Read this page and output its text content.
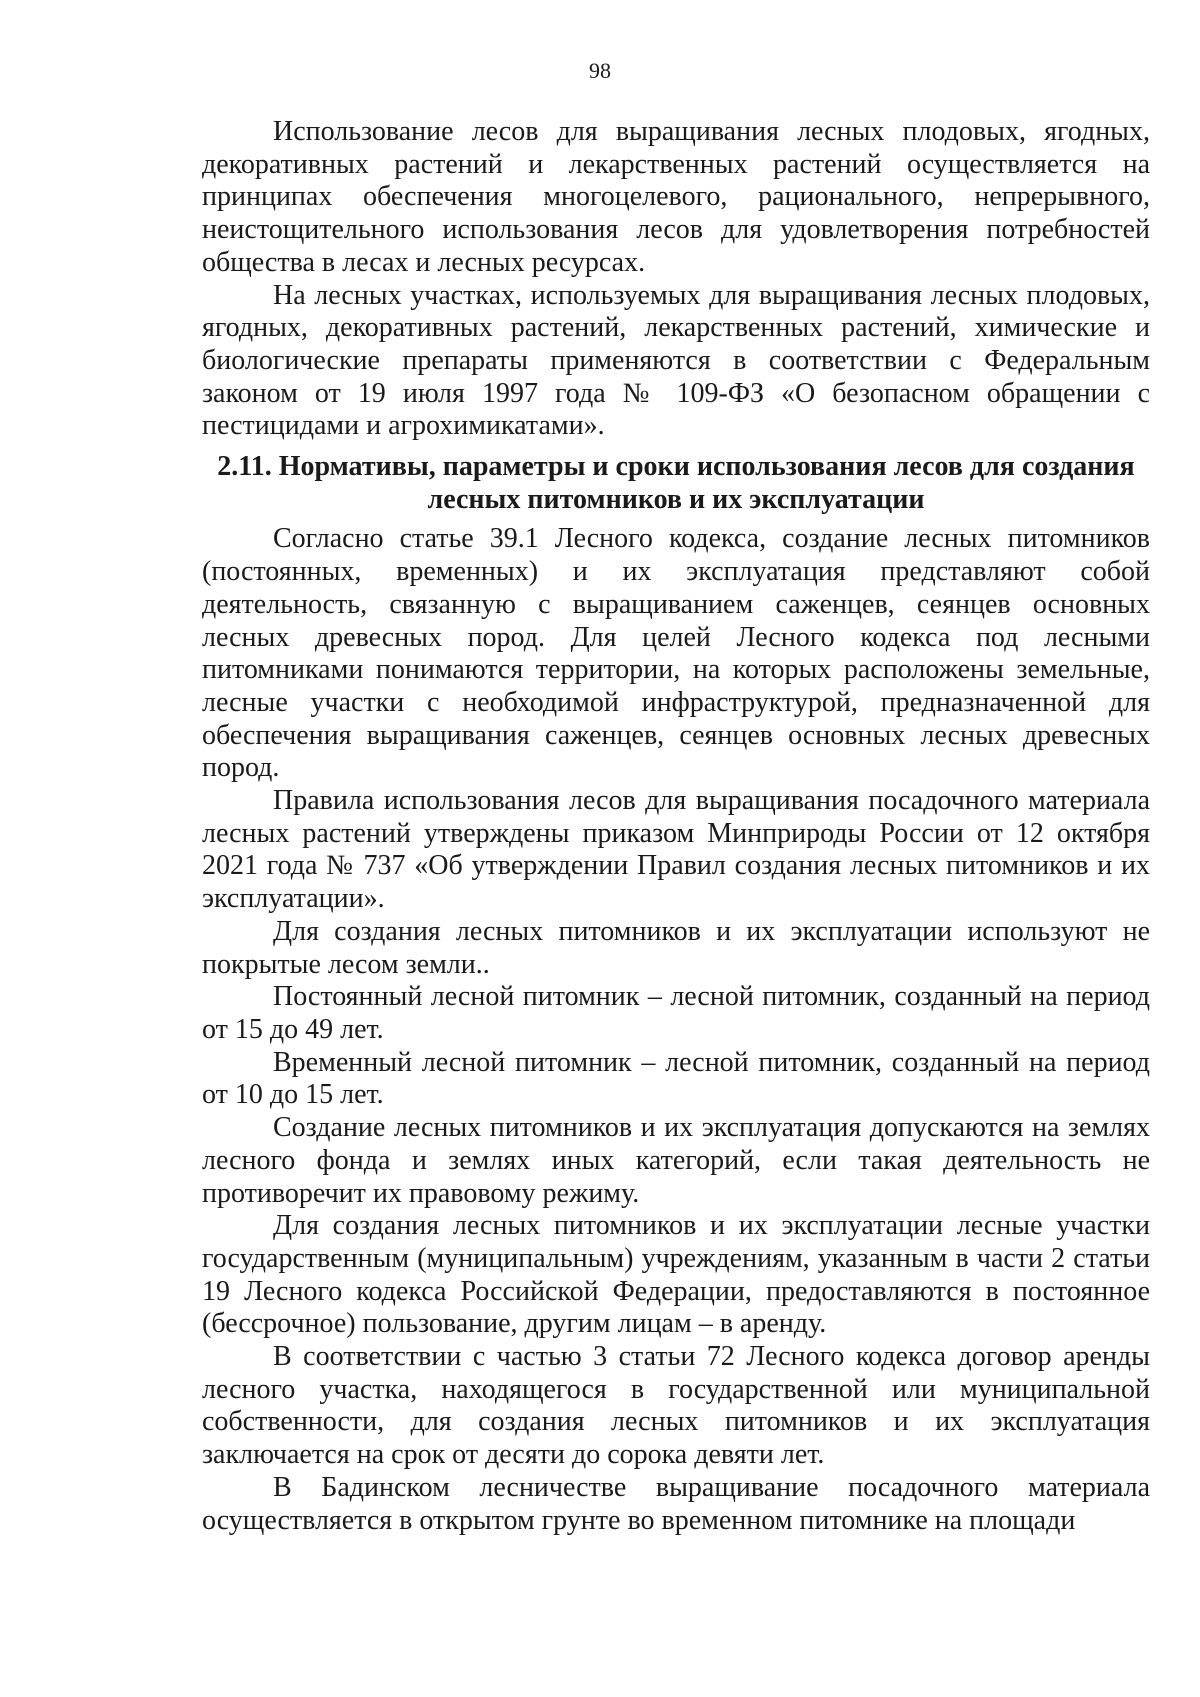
98

Использование лесов для выращивания лесных плодовых, ягодных, декоративных растений и лекарственных растений осуществляется на принципах обеспечения многоцелевого, рационального, непрерывного, неистощительного использования лесов для удовлетворения потребностей общества в лесах и лесных ресурсах.

На лесных участках, используемых для выращивания лесных плодовых, ягодных, декоративных растений, лекарственных растений, химические и биологические препараты применяются в соответствии с Федеральным законом от 19 июля 1997 года № 109-ФЗ «О безопасном обращении с пестицидами и агрохимикатами».

2.11. Нормативы, параметры и сроки использования лесов для создания лесных питомников и их эксплуатации

Согласно статье 39.1 Лесного кодекса, создание лесных питомников (постоянных, временных) и их эксплуатация представляют собой деятельность, связанную с выращиванием саженцев, сеянцев основных лесных древесных пород. Для целей Лесного кодекса под лесными питомниками понимаются территории, на которых расположены земельные, лесные участки с необходимой инфраструктурой, предназначенной для обеспечения выращивания саженцев, сеянцев основных лесных древесных пород.

Правила использования лесов для выращивания посадочного материала лесных растений утверждены приказом Минприроды России от 12 октября 2021 года № 737 «Об утверждении Правил создания лесных питомников и их эксплуатации».

Для создания лесных питомников и их эксплуатации используют не покрытые лесом земли..

Постоянный лесной питомник – лесной питомник, созданный на период от 15 до 49 лет.

Временный лесной питомник – лесной питомник, созданный на период от 10 до 15 лет.

Создание лесных питомников и их эксплуатация допускаются на землях лесного фонда и землях иных категорий, если такая деятельность не противоречит их правовому режиму.

Для создания лесных питомников и их эксплуатации лесные участки государственным (муниципальным) учреждениям, указанным в части 2 статьи 19 Лесного кодекса Российской Федерации, предоставляются в постоянное (бессрочное) пользование, другим лицам – в аренду.

В соответствии с частью 3 статьи 72 Лесного кодекса договор аренды лесного участка, находящегося в государственной или муниципальной собственности, для создания лесных питомников и их эксплуатация заключается на срок от десяти до сорока девяти лет.

В Бадинском лесничестве выращивание посадочного материала осуществляется в открытом грунте во временном питомнике на площади
